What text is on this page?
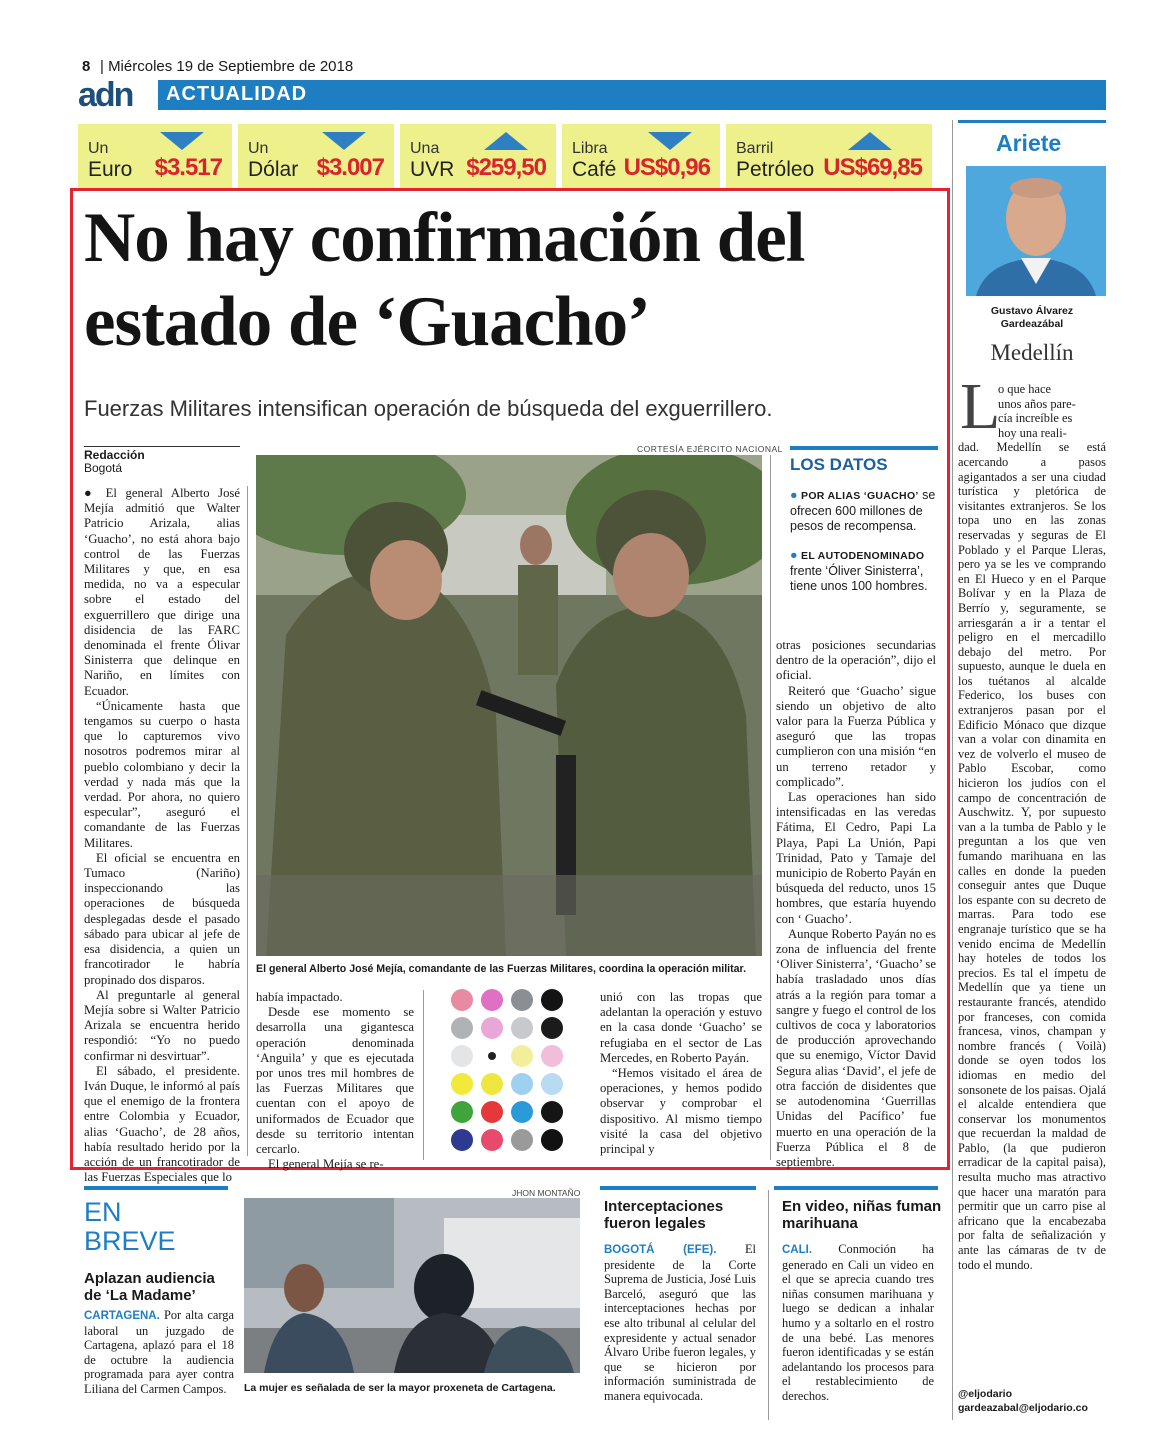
8 | Miércoles 19 de Septiembre de 2018
adn ACTUALIDAD
Un
Euro $3.517
Un
Dólar $3.007
Una
UVR $259,50
Libra
Café US$0,96
Barril
Petróleo US$69,85
No hay confirmación del estado de ‘Guacho’
Fuerzas Militares intensifican operación de búsqueda del exguerrillero.
Redacción
Bogotá

● El general Alberto José Mejía admitió que Walter Patricio Arizala, alias ‘Guacho’, no está ahora bajo control de las Fuerzas Militares y que, en esa medida, no va a especular sobre el estado del exguerrillero que dirige una disidencia de las FARC denominada el frente Ólivar Sinisterra que delinque en Nariño, en límites con Ecuador.

“Únicamente hasta que tengamos su cuerpo o hasta que lo capturemos vivo nosotros podremos mirar al pueblo colombiano y decir la verdad y nada más que la verdad. Por ahora, no quiero especular”, aseguró el comandante de las Fuerzas Militares.

El oficial se encuentra en Tumaco (Nariño) inspeccionando las operaciones de búsqueda desplegadas desde el pasado sábado para ubicar al jefe de esa disidencia, a quien un francotirador le habría propinado dos disparos.

Al preguntarle al general Mejía sobre si Walter Patricio Arizala se encuentra herido respondió: “Yo no puedo confirmar ni desvirtuar”.

El sábado, el presidente. Iván Duque, le informó al país que el enemigo de la frontera entre Colombia y Ecuador, alias ‘Guacho’, de 28 años, había resultado herido por la acción de un francotirador de las Fuerzas Especiales que lo

CORTESÍA EJÉRCITO NACIONAL
El general Alberto José Mejía, comandante de las Fuerzas Militares, coordina la operación militar.

había impactado.

Desde ese momento se desarrolla una gigantesca operación denominada ‘Anguila’ y que es ejecutada por unos tres mil hombres de las Fuerzas Militares que cuentan con el apoyo de uniformados de Ecuador que desde su territorio intentan cercarlo.

El general Mejía se re-

unió con las tropas que adelantan la operación y estuvo en la casa donde ‘Guacho’ se refugiaba en el sector de Las Mercedes, en Roberto Payán.

“Hemos visitado el área de operaciones, y hemos podido observar y comprobar el dispositivo. Al mismo tiempo visité la casa del objetivo principal y

LOS DATOS
● POR ALIAS ‘GUACHO’ se ofrecen 600 millones de pesos de recompensa.
● EL AUTODENOMINADO frente ‘Óliver Sinisterra’, tiene unos 100 hombres.

otras posiciones secundarias dentro de la operación”, dijo el oficial.

Reiteró que ‘Guacho’ sigue siendo un objetivo de alto valor para la Fuerza Pública y aseguró que las tropas cumplieron con una misión “en un terreno retador y complicado”.

Las operaciones han sido intensificadas en las veredas Fátima, El Cedro, Papi La Playa, Papi La Unión, Papi Trinidad, Pato y Tamaje del municipio de Roberto Payán en búsqueda del reducto, unos 15 hombres, que estaría huyendo con ‘ Guacho’.

Aunque Roberto Payán no es zona de influencia del frente ‘Oliver Sinisterra’, ‘Guacho’ se había trasladado unos días atrás a la región para tomar a sangre y fuego el control de los cultivos de coca y laboratorios de producción aprovechando que su enemigo, Víctor David Segura alias ‘David’, el jefe de otra facción de disidentes que se autodenomina ‘Guerrillas Unidas del Pacífico’ fue muerto en una operación de la Fuerza Pública el 8 de septiembre.

Ariete
Gustavo Álvarez
Gardeazábal
Medellín
L
o que hace
unos años pare-
cía increíble es
hoy una reali-
dad. Medellín se está acercando a pasos agigantados a ser una ciudad turística y pletórica de visitantes extranjeros. Se los topa uno en las zonas reservadas y seguras de El Poblado y el Parque Lleras, pero ya se les ve comprando en El Hueco y en el Parque Bolívar y en la Plaza de Berrío y, seguramente, se arriesgarán a ir a tentar el peligro en el mercadillo debajo del metro. Por supuesto, aunque le duela en los tuétanos al alcalde Federico, los buses con extranjeros pasan por el Edificio Mónaco que dizque van a volar con dinamita en vez de volverlo el museo de Pablo Escobar, como hicieron los judíos con el campo de concentración de Auschwitz. Y, por supuesto van a la tumba de Pablo y le preguntan a los que ven fumando marihuana en las calles en donde la pueden conseguir antes que Duque los espante con su decreto de marras. Para todo ese engranaje turístico que se ha venido encima de Medellín hay hoteles de todos los precios. Es tal el ímpetu de Medellín que ya tiene un restaurante francés, atendido por franceses, con comida francesa, vinos, champan y nombre francés ( Voilà) donde se oyen todos los idiomas en medio del sonsonete de los paisas. Ojalá el alcalde entendiera que conservar los monumentos que recuerdan la maldad de Pablo, (la que pudieron erradicar de la capital paisa), resulta mucho mas atractivo que hacer una maratón para permitir que un carro pise al africano que la encabezaba por falta de señalización y ante las cámaras de tv de todo el mundo.
@eljodario
gardeazabal@eljodario.co
EN
BREVE
Aplazan audiencia de ‘La Madame’
CARTAGENA. Por alta carga laboral un juzgado de Cartagena, aplazó para el 18 de octubre la audiencia programada para ayer contra Liliana del Carmen Campos.
JHON MONTAÑO
La mujer es señalada de ser la mayor proxeneta de Cartagena.
Interceptaciones fueron legales
BOGOTÁ (EFE). El presidente de la Corte Suprema de Justicia, José Luis Barceló, aseguró que las interceptaciones hechas por ese alto tribunal al celular del expresidente y actual senador Álvaro Uribe fueron legales, y que se hicieron por información suministrada de manera equivocada.
En video, niñas fuman marihuana
CALI. Conmoción ha generado en Cali un video en el que se aprecia cuando tres niñas consumen marihuana y luego se dedican a inhalar humo y a soltarlo en el rostro de una bebé. Las menores fueron identificadas y se están adelantando los procesos para el restablecimiento de derechos.
